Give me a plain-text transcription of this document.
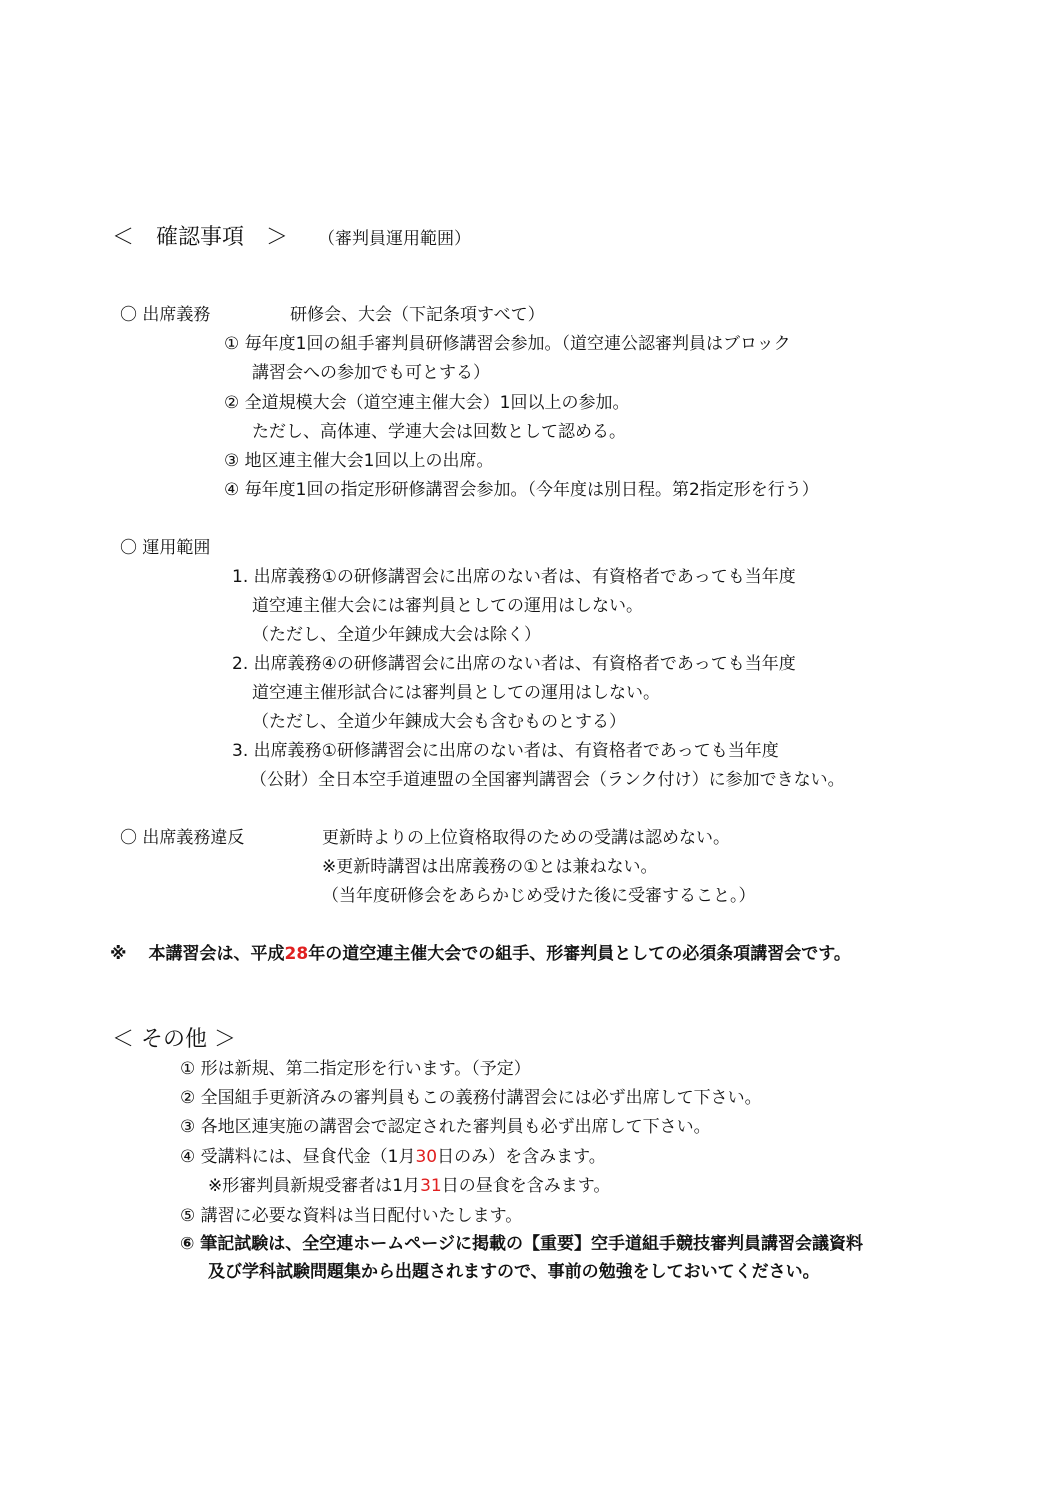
＜　確認事項　＞ （審判員運用範囲）
〇 出席義務	研修会、大会（下記条項すべて）
① 毎年度1回の組手審判員研修講習会参加。（道空連公認審判員はブロック
講習会への参加でも可とする）
② 全道規模大会（道空連主催大会）1回以上の参加。
ただし、高体連、学連大会は回数として認める。
③ 地区連主催大会1回以上の出席。
④ 毎年度1回の指定形研修講習会参加。（今年度は別日程。第2指定形を行う）
〇 運用範囲
1. 出席義務①の研修講習会に出席のない者は、有資格者であっても当年度
道空連主催大会には審判員としての運用はしない。
（ただし、全道少年錬成大会は除く）
2. 出席義務④の研修講習会に出席のない者は、有資格者であっても当年度
道空連主催形試合には審判員としての運用はしない。
（ただし、全道少年錬成大会も含むものとする）
3. 出席義務①研修講習会に出席のない者は、有資格者であっても当年度
（公財）全日本空手道連盟の全国審判講習会（ランク付け）に参加できない。
〇 出席義務違反	更新時よりの上位資格取得のための受講は認めない。
※更新時講習は出席義務の①とは兼ねない。
（当年度研修会をあらかじめ受けた後に受審すること。）
※ 本講習会は、平成28年の道空連主催大会での組手、形審判員としての必須条項講習会です。
＜ その他 ＞
① 形は新規、第二指定形を行います。（予定）
② 全国組手更新済みの審判員もこの義務付講習会には必ず出席して下さい。
③ 各地区連実施の講習会で認定された審判員も必ず出席して下さい。
④ 受講料には、昼食代金（1月30日のみ）を含みます。
※形審判員新規受審者は1月31日の昼食を含みます。
⑤ 講習に必要な資料は当日配付いたします。
⑥ 筆記試験は、全空連ホームページに掲載の【重要】空手道組手競技審判員講習会議資料
及び学科試験問題集から出題されますので、事前の勉強をしておいてください。
